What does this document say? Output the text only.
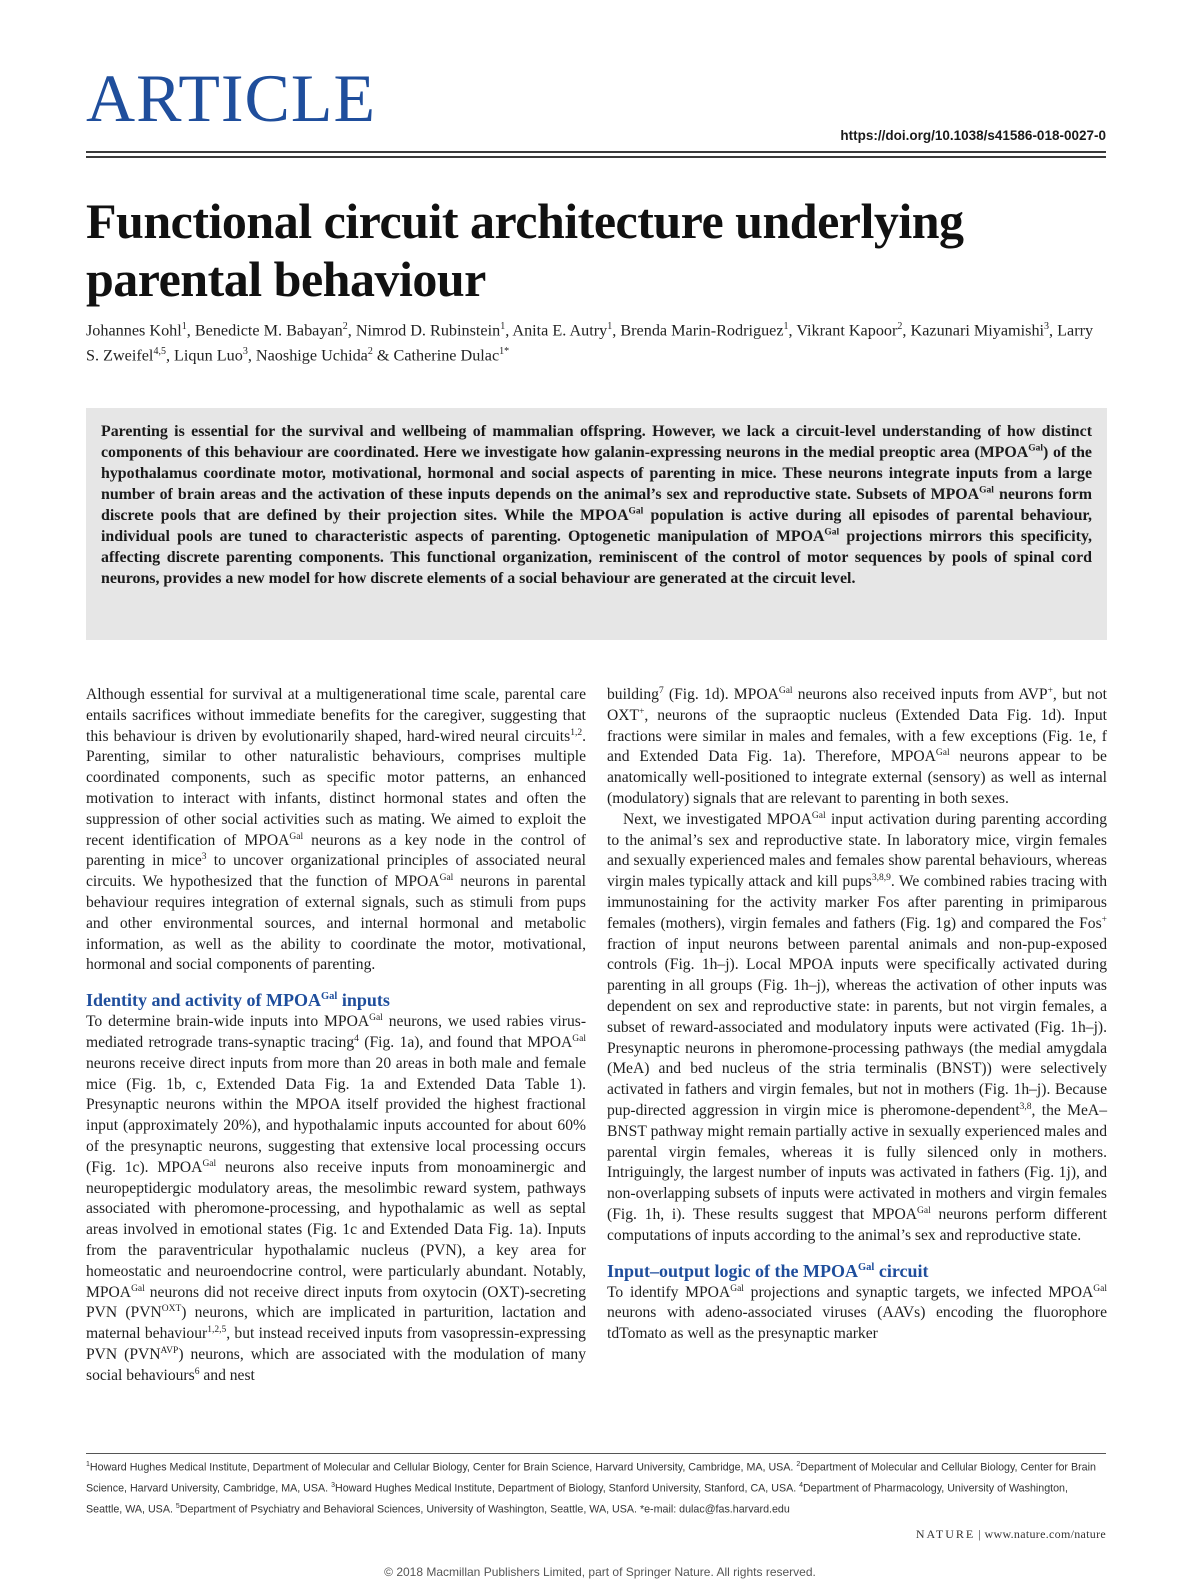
ARTICLE	https://doi.org/10.1038/s41586-018-0027-0
Functional circuit architecture underlying parental behaviour
Johannes Kohl$^1$, Benedicte M. Babayan$^2$, Nimrod D. Rubinstein$^1$, Anita E. Autry$^1$, Brenda Marin-Rodriguez$^1$, Vikrant Kapoor$^2$, Kazunari Miyamishi$^3$, Larry S. Zweifel$^{4,5}$, Liqun Luo$^3$, Naoshige Uchida$^2$ & Catherine Dulac$^{1*}$

Parenting is essential for the survival and wellbeing of mammalian offspring. However, we lack a circuit-level understanding of how distinct components of this behaviour are coordinated. Here we investigate how galanin-expressing neurons in the medial preoptic area $(MPOA^{Gal})$ of the hypothalamus coordinate motor, motivational, hormonal and social aspects of parenting in mice. These neurons integrate inputs from a large number of brain areas and the activation of these inputs depends on the animal’s sex and reproductive state. Subsets of $MPOA^{Gal}$ neurons form discrete pools that are defined by their projection sites. While the $MPOA^{Gal}$ population is active during all episodes of parental behaviour, individual pools are tuned to characteristic aspects of parenting. Optogenetic manipulation of $MPOA^{Gal}$ projections mirrors this specificity, affecting discrete parenting components. This functional organization, reminiscent of the control of motor sequences by pools of spinal cord neurons, provides a new model for how discrete elements of a social behaviour are generated at the circuit level.

Although essential for survival at a multigenerational time scale, parental care entails sacrifices without immediate benefits for the caregiver, suggesting that this behaviour is driven by evolutionarily shaped, hard-wired neural circuits$^{1,2}$. Parenting, similar to other naturalistic behaviours, comprises multiple coordinated components, such as specific motor patterns, an enhanced motivation to interact with infants, distinct hormonal states and often the suppression of other social activities such as mating. We aimed to exploit the recent identification of $MPOA^{Gal}$ neurons as a key node in the control of parenting in mice$^3$ to uncover organizational principles of associated neural circuits. We hypothesized that the function of $MPOA^{Gal}$ neurons in parental behaviour requires integration of external signals, such as stimuli from pups and other environmental sources, and internal hormonal and metabolic information, as well as the ability to coordinate the motor, motivational, hormonal and social components of parenting.

Identity and activity of $MPOA^{Gal}$ inputs

To determine brain-wide inputs into $MPOA^{Gal}$ neurons, we used rabies virus-mediated retrograde trans-synaptic tracing$^4$ (Fig. 1a), and found that $MPOA^{Gal}$ neurons receive direct inputs from more than 20 areas in both male and female mice (Fig. 1b, c, Extended Data Fig. 1a and Extended Data Table 1). Presynaptic neurons within the MPOA itself provided the highest fractional input (approximately 20%), and hypothalamic inputs accounted for about 60% of the presynaptic neurons, suggesting that extensive local processing occurs (Fig. 1c). $MPOA^{Gal}$ neurons also receive inputs from monoaminergic and neuropeptidergic modulatory areas, the mesolimbic reward system, pathways associated with pheromone-processing, and hypothalamic as well as septal areas involved in emotional states (Fig. 1c and Extended Data Fig. 1a). Inputs from the paraventricular hypothalamic nucleus (PVN), a key area for homeostatic and neuroendocrine control, were particularly abundant. Notably, $MPOA^{Gal}$ neurons did not receive direct inputs from oxytocin (OXT)-secreting PVN $(PVN^{OXT})$ neurons, which are implicated in parturition, lactation and maternal behaviour$^{1,2,5}$, but instead received inputs from vasopressin-expressing PVN $(PVN^{AVP})$ neurons, which are associated with the modulation of many social behaviours$^6$ and nest

building$^7$ (Fig. 1d). $MPOA^{Gal}$ neurons also received inputs from AVP+, but not OXT+, neurons of the supraoptic nucleus (Extended Data Fig. 1d). Input fractions were similar in males and females, with a few exceptions (Fig. 1e, f and Extended Data Fig. 1a). Therefore, $MPOA^{Gal}$ neurons appear to be anatomically well-positioned to integrate external (sensory) as well as internal (modulatory) signals that are relevant to parenting in both sexes.

Next, we investigated $MPOA^{Gal}$ input activation during parenting according to the animal’s sex and reproductive state. In laboratory mice, virgin females and sexually experienced males and females show parental behaviours, whereas virgin males typically attack and kill pups$^{3,8,9}$. We combined rabies tracing with immunostaining for the activity marker Fos after parenting in primiparous females (mothers), virgin females and fathers (Fig. 1g) and compared the Fos+ fraction of input neurons between parental animals and non-pup-exposed controls (Fig. 1h–j). Local MPOA inputs were specifically activated during parenting in all groups (Fig. 1h–j), whereas the activation of other inputs was dependent on sex and reproductive state: in parents, but not virgin females, a subset of reward-associated and modulatory inputs were activated (Fig. 1h–j). Presynaptic neurons in pheromone-processing pathways (the medial amygdala (MeA) and bed nucleus of the stria terminalis (BNST)) were selectively activated in fathers and virgin females, but not in mothers (Fig. 1h–j). Because pup-directed aggression in virgin mice is pheromone-dependent$^{3,8}$, the MeA–BNST pathway might remain partially active in sexually experienced males and parental virgin females, whereas it is fully silenced only in mothers. Intriguingly, the largest number of inputs was activated in fathers (Fig. 1j), and non-overlapping subsets of inputs were activated in mothers and virgin females (Fig. 1h, i). These results suggest that $MPOA^{Gal}$ neurons perform different computations of inputs according to the animal’s sex and reproductive state.

Input–output logic of the $MPOA^{Gal}$ circuit

To identify $MPOA^{Gal}$ projections and synaptic targets, we infected $MPOA^{Gal}$ neurons with adeno-associated viruses (AAVs) encoding the fluorophore tdTomato as well as the presynaptic marker

$^1$Howard Hughes Medical Institute, Department of Molecular and Cellular Biology, Center for Brain Science, Harvard University, Cambridge, MA, USA. $^2$Department of Molecular and Cellular Biology, Center for Brain Science, Harvard University, Cambridge, MA, USA. $^3$Howard Hughes Medical Institute, Department of Biology, Stanford University, Stanford, CA, USA. $^4$Department of Pharmacology, University of Washington, Seattle, WA, USA. $^5$Department of Psychiatry and Behavioral Sciences, University of Washington, Seattle, WA, USA. *e-mail: dulac@fas.harvard.edu
NATURE | www.nature.com/nature
© 2018 Macmillan Publishers Limited, part of Springer Nature. All rights reserved.
